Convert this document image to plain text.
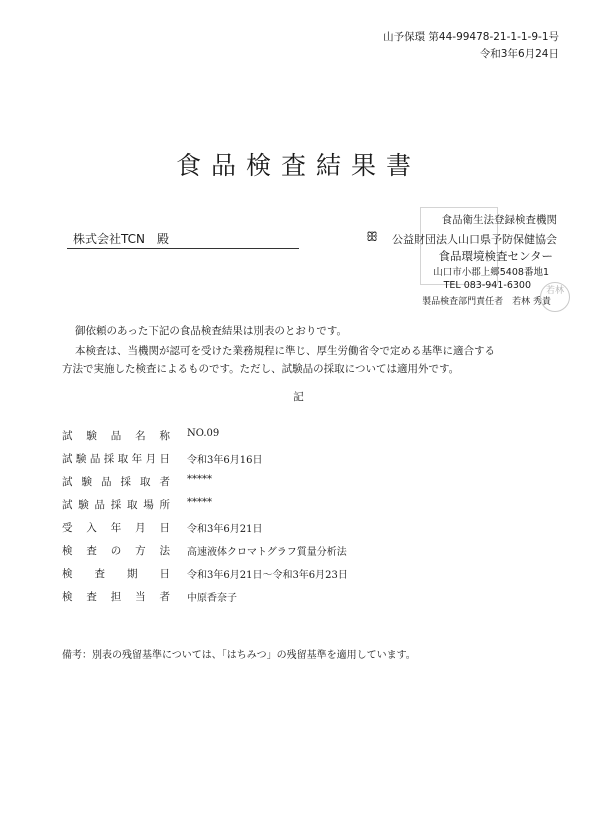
山予保環 第44-99478-21-1-1-9-1号
令和3年6月24日
食品検査結果書
株式会社TCN　殿
食品衛生法登録検査機関
ꕥ 公益財団法人山口県予防保健協会
食品環境検査センター
山口市小郡上郷5408番地1
TEL 083-941-6300
製品検査部門責任者　若林 秀貴
若林
御依頼のあった下記の食品検査結果は別表のとおりです。
本検査は、当機関が認可を受けた業務規程に準じ、厚生労働省令で定める基準に適合する
方法で実施した検査によるものです。ただし、試験品の採取については適用外です。
記
試験品名称 NO.09
試験品採取年月日 令和3年6月16日
試験品採取者 *****
試験品採取場所 *****
受入年月日 令和3年6月21日
検査の方法 高速液体クロマトグラフ質量分析法
検査期日 令和3年6月21日～令和3年6月23日
検査担当者 中原香奈子
備考：別表の残留基準については、「はちみつ」の残留基準を適用しています。
